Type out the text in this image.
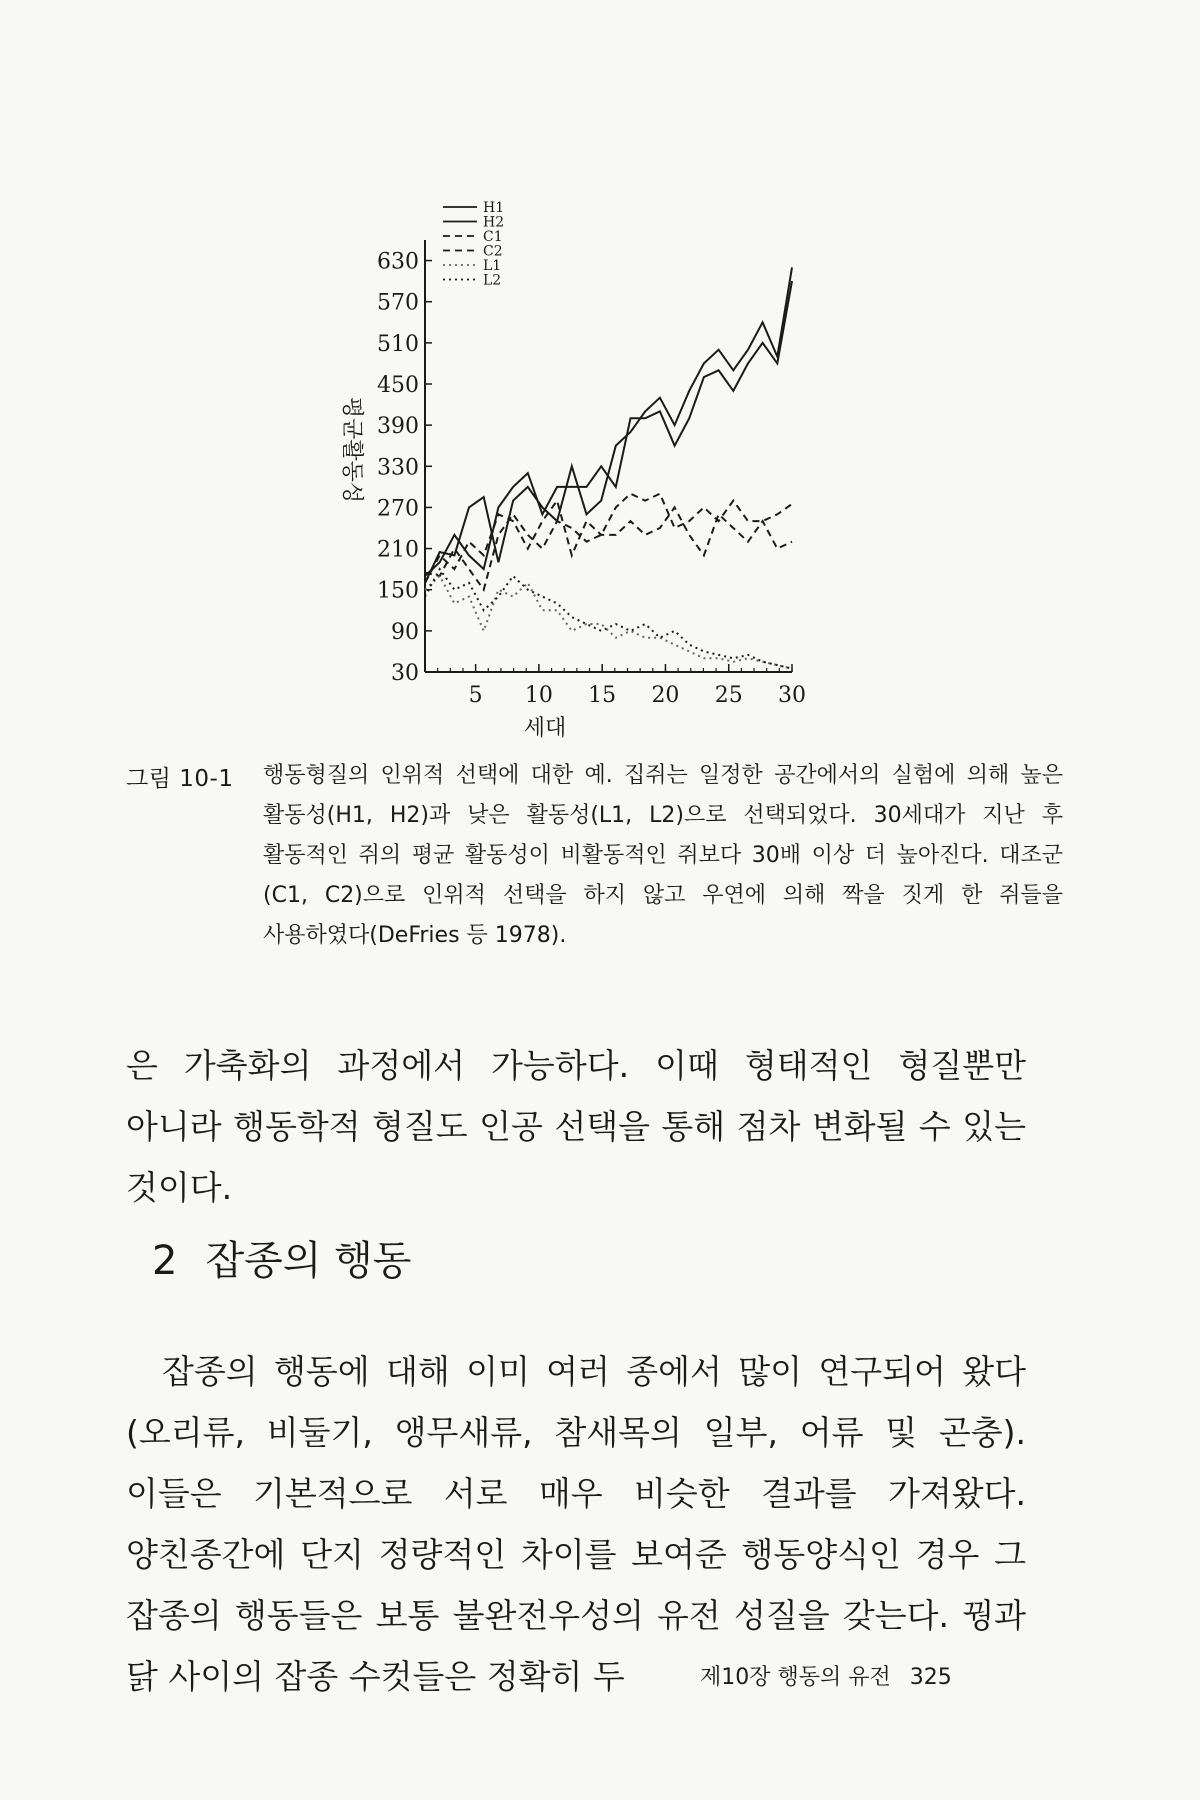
5 10 15 20 25 30
30
90
150
210
270
330
390
450
510
570
630
H1
H2
C1
C2
L1
L2
세대
평균활동성
그림 10-1 행동형질의 인위적 선택에 대한 예. 집쥐는 일정한 공간에서의 실험에 의해 높은 활동성(H1, H2)과 낮은 활동성(L1, L2)으로 선택되었다. 30세대가 지난 후 활동적인 쥐의 평균 활동성이 비활동적인 쥐보다 30배 이상 더 높아진다. 대조군(C1, C2)으로 인위적 선택을 하지 않고 우연에 의해 짝을 짓게 한 쥐들을 사용하였다(DeFries 등 1978).

은 가축화의 과정에서 가능하다. 이때 형태적인 형질뿐만 아니라 행동학적 형질도 인공 선택을 통해 점차 변화될 수 있는 것이다.

2 잡종의 행동

잡종의 행동에 대해 이미 여러 종에서 많이 연구되어 왔다(오리류, 비둘기, 앵무새류, 참새목의 일부, 어류 및 곤충). 이들은 기본적으로 서로 매우 비슷한 결과를 가져왔다. 양친종간에 단지 정량적인 차이를 보여준 행동양식인 경우 그 잡종의 행동들은 보통 불완전우성의 유전 성질을 갖는다. 꿩과 닭 사이의 잡종 수컷들은 정확히 두	제10장 행동의 유전 325
